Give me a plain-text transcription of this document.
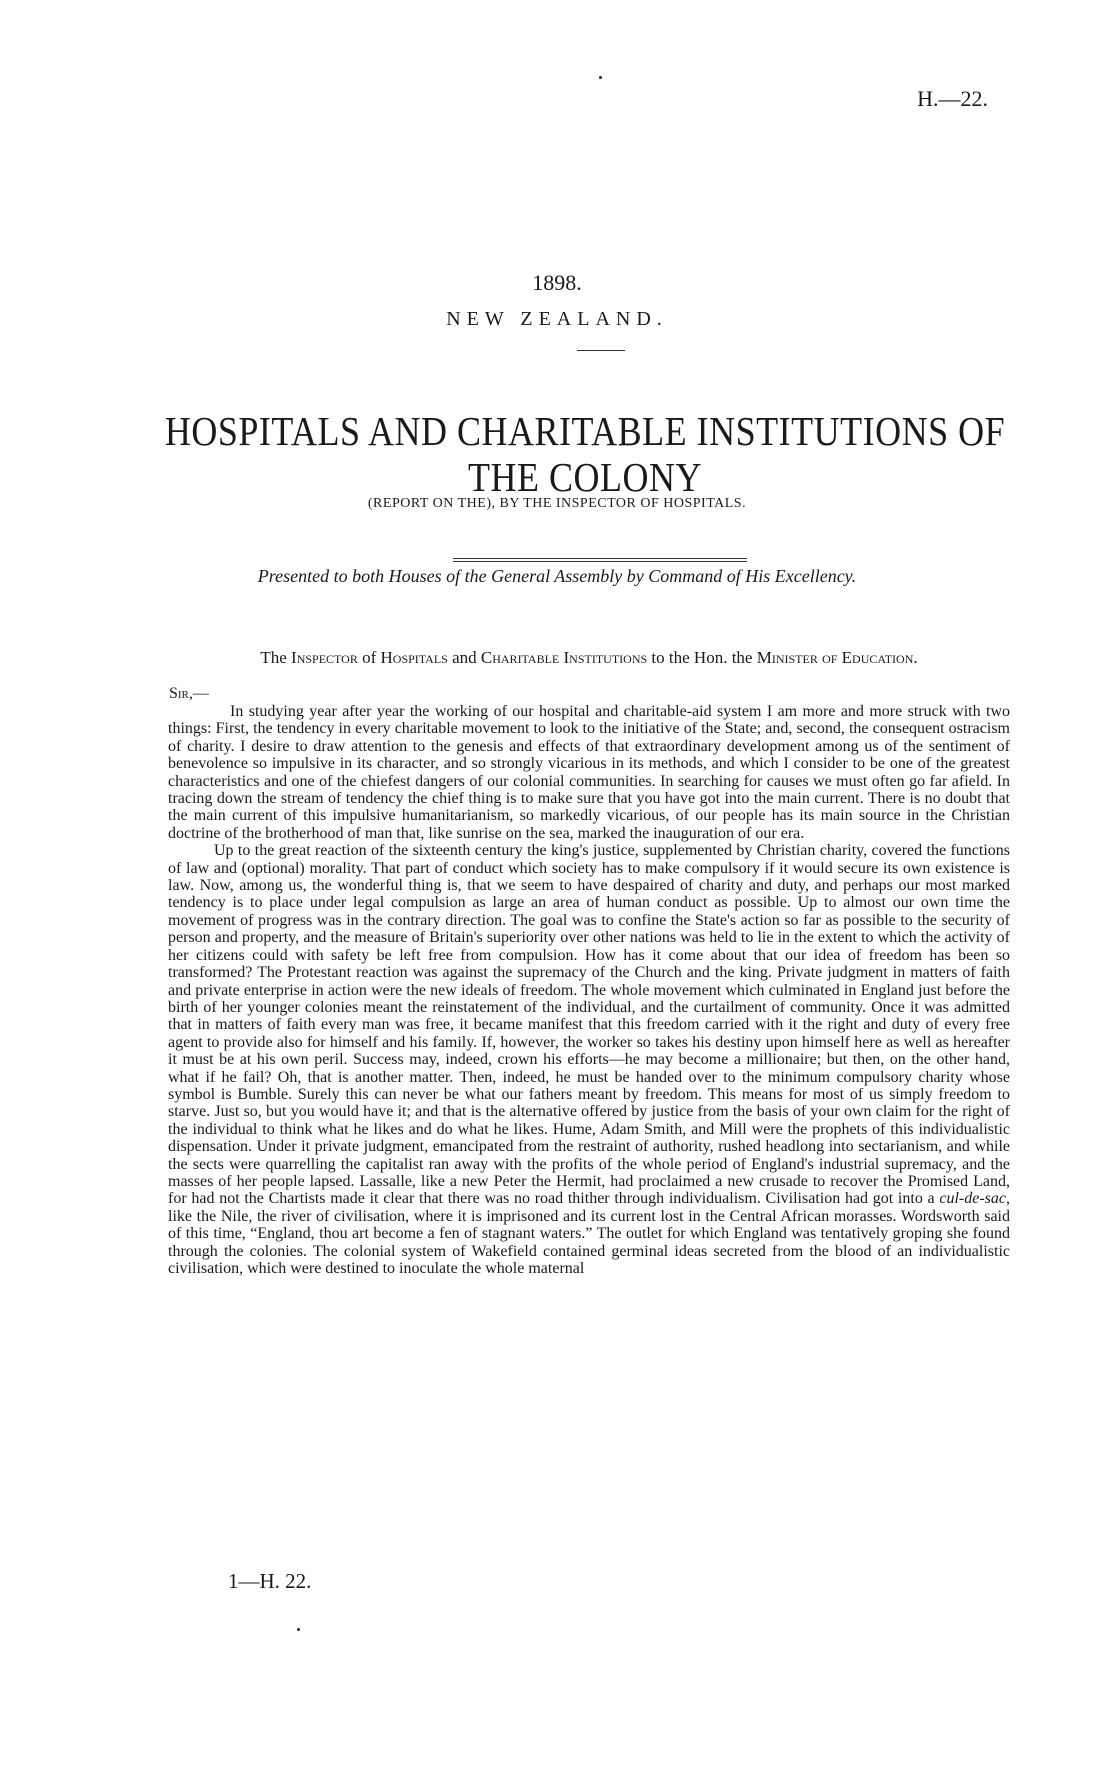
H.—22.
1898.
NEW ZEALAND.
HOSPITALS AND CHARITABLE INSTITUTIONS OF THE COLONY
(REPORT ON THE), BY THE INSPECTOR OF HOSPITALS.
Presented to both Houses of the General Assembly by Command of His Excellency.
The Inspector of Hospitals and Charitable Institutions to the Hon. the Minister of Education.
Sir,—

In studying year after year the working of our hospital and charitable-aid system I am more and more struck with two things: First, the tendency in every charitable movement to look to the initiative of the State; and, second, the consequent ostracism of charity. I desire to draw attention to the genesis and effects of that extraordinary development among us of the sentiment of benevolence so impulsive in its character, and so strongly vicarious in its methods, and which I consider to be one of the greatest characteristics and one of the chiefest dangers of our colonial communities. In searching for causes we must often go far afield. In tracing down the stream of tendency the chief thing is to make sure that you have got into the main current. There is no doubt that the main current of this impulsive humanitarianism, so markedly vicarious, of our people has its main source in the Christian doctrine of the brotherhood of man that, like sunrise on the sea, marked the inauguration of our era.

Up to the great reaction of the sixteenth century the king's justice, supplemented by Christian charity, covered the functions of law and (optional) morality. That part of conduct which society has to make compulsory if it would secure its own existence is law. Now, among us, the wonderful thing is, that we seem to have despaired of charity and duty, and perhaps our most marked tendency is to place under legal compulsion as large an area of human conduct as possible. Up to almost our own time the movement of progress was in the contrary direction. The goal was to confine the State's action so far as possible to the security of person and property, and the measure of Britain's superiority over other nations was held to lie in the extent to which the activity of her citizens could with safety be left free from compulsion. How has it come about that our idea of freedom has been so transformed? The Protestant reaction was against the supremacy of the Church and the king. Private judgment in matters of faith and private enterprise in action were the new ideals of freedom. The whole movement which culminated in England just before the birth of her younger colonies meant the reinstatement of the individual, and the curtailment of community. Once it was admitted that in matters of faith every man was free, it became manifest that this freedom carried with it the right and duty of every free agent to provide also for himself and his family. If, however, the worker so takes his destiny upon himself here as well as hereafter it must be at his own peril. Success may, indeed, crown his efforts—he may become a millionaire; but then, on the other hand, what if he fail? Oh, that is another matter. Then, indeed, he must be handed over to the minimum compulsory charity whose symbol is Bumble. Surely this can never be what our fathers meant by freedom. This means for most of us simply freedom to starve. Just so, but you would have it; and that is the alternative offered by justice from the basis of your own claim for the right of the individual to think what he likes and do what he likes. Hume, Adam Smith, and Mill were the prophets of this individualistic dispensation. Under it private judgment, emancipated from the restraint of authority, rushed headlong into sectarianism, and while the sects were quarrelling the capitalist ran away with the profits of the whole period of England's industrial supremacy, and the masses of her people lapsed. Lassalle, like a new Peter the Hermit, had proclaimed a new crusade to recover the Promised Land, for had not the Chartists made it clear that there was no road thither through individualism. Civilisation had got into a cul-de-sac, like the Nile, the river of civilisation, where it is imprisoned and its current lost in the Central African morasses. Wordsworth said of this time, “England, thou art become a fen of stagnant waters.” The outlet for which England was tentatively groping she found through the colonies. The colonial system of Wakefield contained germinal ideas secreted from the blood of an individualistic civilisation, which were destined to inoculate the whole maternal

1—H. 22.
